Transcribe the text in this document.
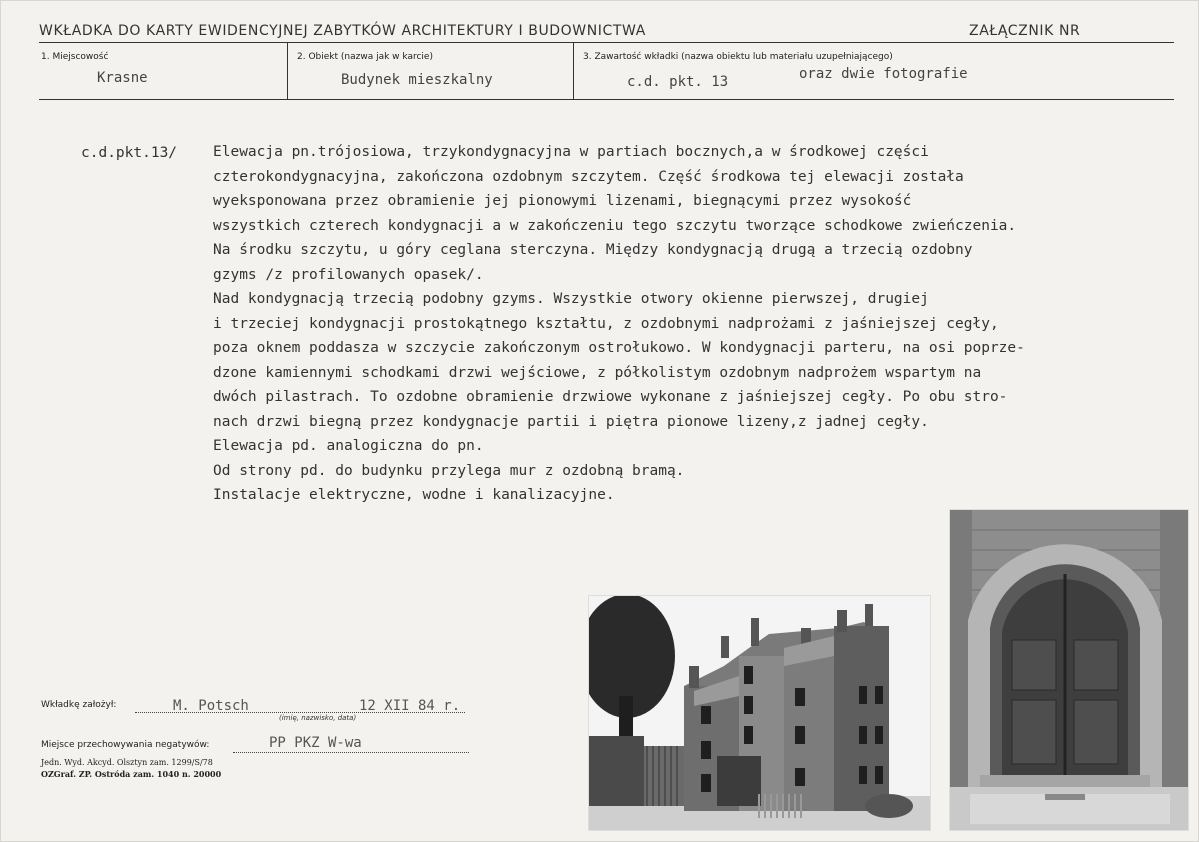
WKŁADKA DO KARTY EWIDENCYJNEJ ZABYTKÓW ARCHITEKTURY I BUDOWNICTWA	ZAŁĄCZNIK NR
1. Miejscowość
Krasne
2. Obiekt (nazwa jak w karcie)
Budynek mieszkalny
3. Zawartość wkładki (nazwa obiektu lub materiału uzupełniającego)
c.d. pkt. 13	oraz dwie fotografie
c.d.pkt.13/ Elewacja pn.trójosiowa, trzykondygnacyjna w partiach bocznych,a w środkowej części
czterokondygnacyjna, zakończona ozdobnym szczytem. Część środkowa tej elewacji została
wyeksponowana przez obramienie jej pionowymi lizenami, biegnącymi przez wysokość
wszystkich czterech kondygnacji a w zakończeniu tego szczytu tworzące schodkowe zwieńczenia.
Na środku szczytu, u góry ceglana sterczyna. Między kondygnacją drugą a trzecią ozdobny
gzyms /z profilowanych opasek/.
Nad kondygnacją trzecią podobny gzyms. Wszystkie otwory okienne pierwszej, drugiej
i trzeciej kondygnacji prostokątnego kształtu, z ozdobnymi nadprożami z jaśniejszej cegły,
poza oknem poddasza w szczycie zakończonym ostrołukowo. W kondygnacji parteru, na osi poprze-
dzone kamiennymi schodkami drzwi wejściowe, z półkolistym ozdobnym nadprożem wspartym na
dwóch pilastrach. To ozdobne obramienie drzwiowe wykonane z jaśniejszej cegły. Po obu stro-
nach drzwi biegną przez kondygnacje partii i piętra pionowe lizeny,z jadnej cegły.
Elewacja pd. analogiczna do pn.
Od strony pd. do budynku przylega mur z ozdobną bramą.
Instalacje elektryczne, wodne i kanalizacyjne.
Wkładkę założył:	M. Potsch	12 XII 84 r.
(imię, nazwisko, data)
Miejsce przechowywania negatywów:	PP PKZ W-wa
Jedn. Wyd. Akcyd. Olsztyn zam. 1299/S/78
OZGraf. ZP. Ostróda zam. 1040 n. 20000
